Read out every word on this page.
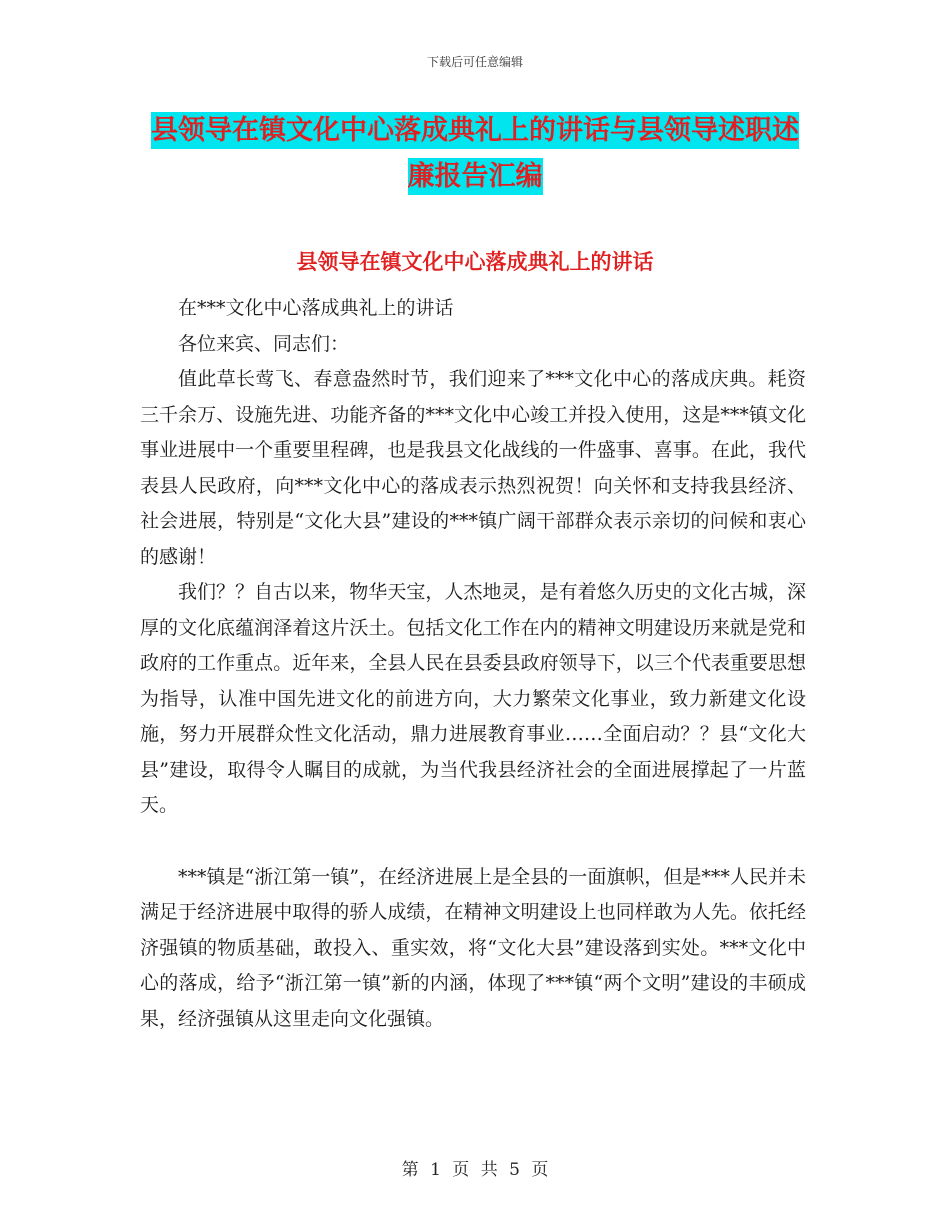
下载后可任意编辑
县领导在镇文化中心落成典礼上的讲话与县领导述职述廉报告汇编
县领导在镇文化中心落成典礼上的讲话

在***文化中心落成典礼上的讲话

各位来宾、同志们：

值此草长莺飞、春意盎然时节，我们迎来了***文化中心的落成庆典。耗资三千余万、设施先进、功能齐备的***文化中心竣工并投入使用，这是***镇文化事业进展中一个重要里程碑，也是我县文化战线的一件盛事、喜事。在此，我代表县人民政府，向***文化中心的落成表示热烈祝贺！向关怀和支持我县经济、社会进展，特别是“文化大县”建设的***镇广阔干部群众表示亲切的问候和衷心的感谢！

我们？？自古以来，物华天宝，人杰地灵，是有着悠久历史的文化古城，深厚的文化底蕴润泽着这片沃土。包括文化工作在内的精神文明建设历来就是党和政府的工作重点。近年来，全县人民在县委县政府领导下，以三个代表重要思想为指导，认准中国先进文化的前进方向，大力繁荣文化事业，致力新建文化设施，努力开展群众性文化活动，鼎力进展教育事业……全面启动？？县“文化大县”建设，取得令人瞩目的成就，为当代我县经济社会的全面进展撑起了一片蓝天。

***镇是“浙江第一镇”，在经济进展上是全县的一面旗帜，但是***人民并未满足于经济进展中取得的骄人成绩，在精神文明建设上也同样敢为人先。依托经济强镇的物质基础，敢投入、重实效，将“文化大县”建设落到实处。***文化中心的落成，给予“浙江第一镇”新的内涵，体现了***镇“两个文明”建设的丰硕成果，经济强镇从这里走向文化强镇。

第 1 页 共 5 页
